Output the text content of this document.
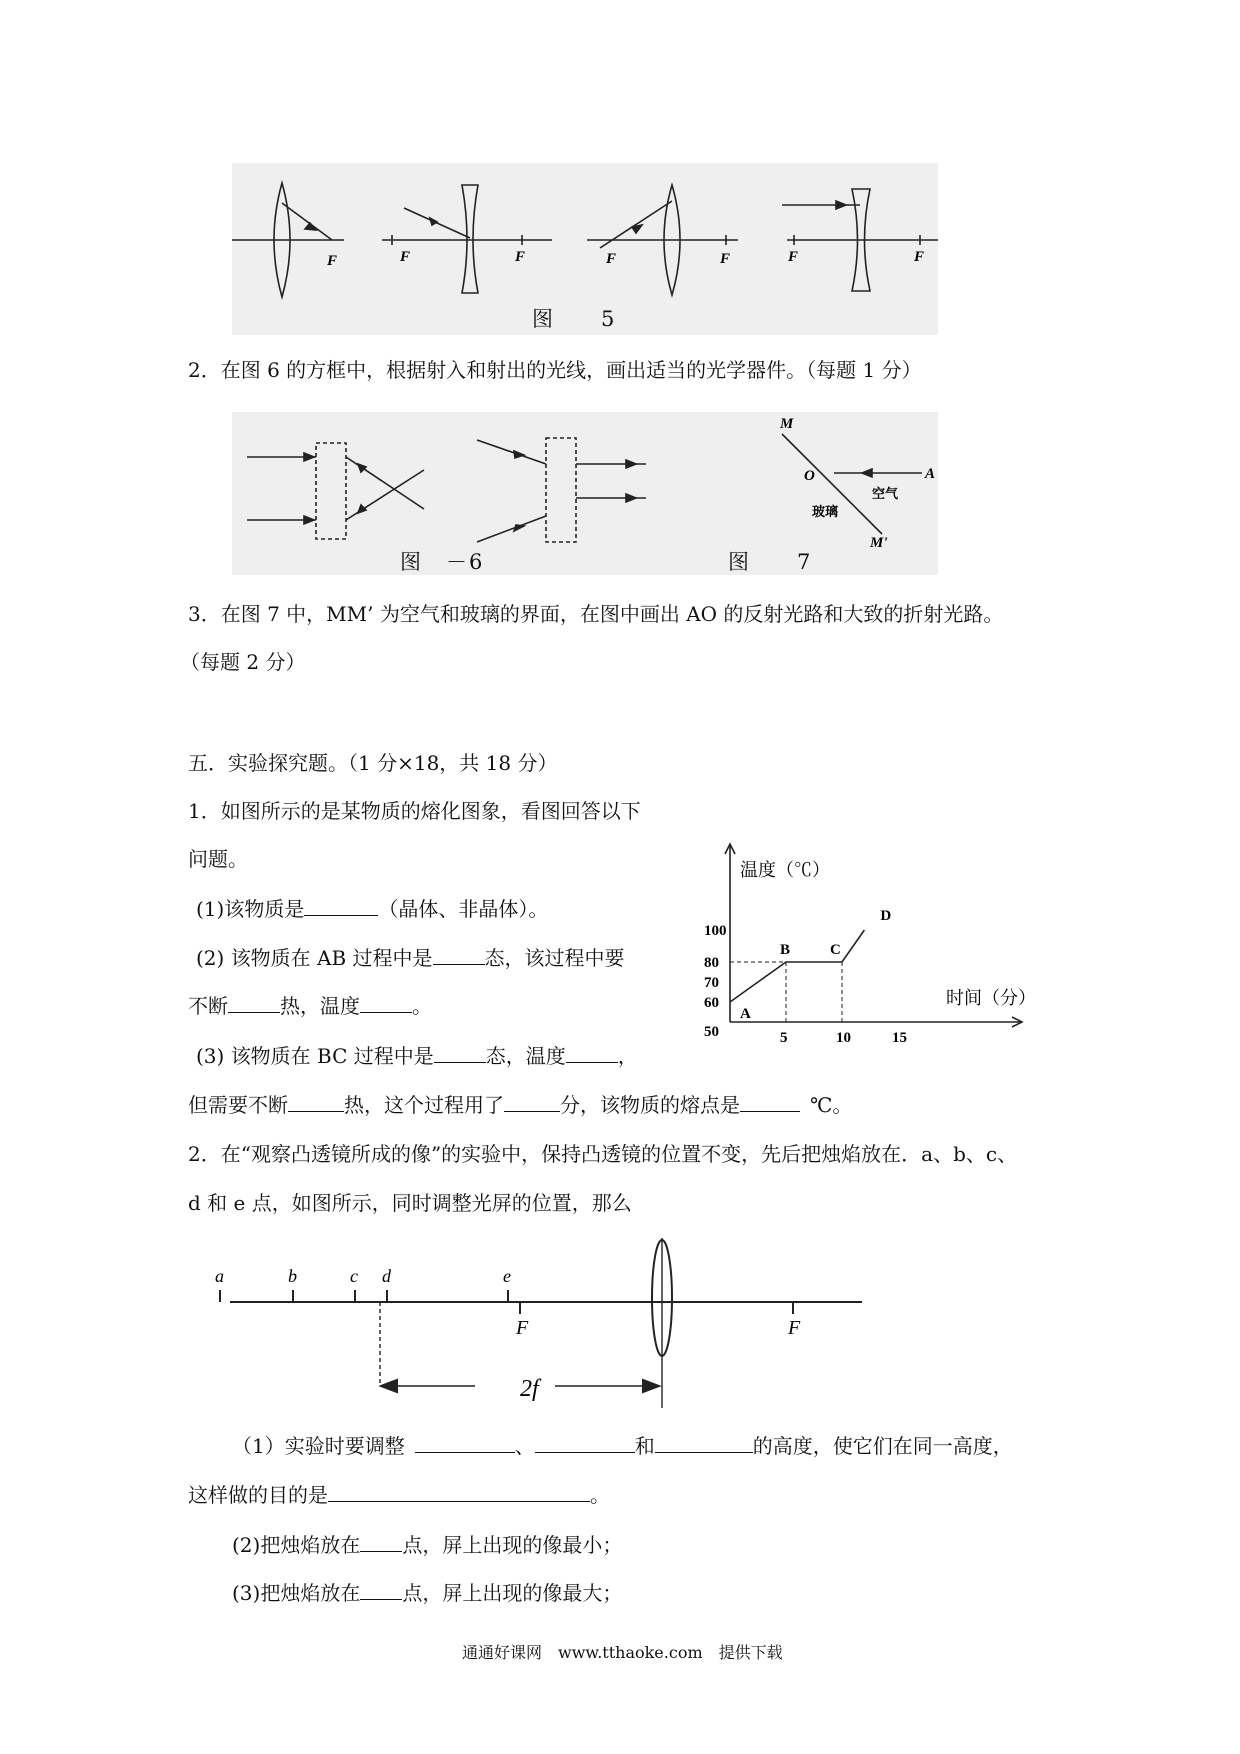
F	F	F	F	F	F	F
图　　5
2．在图 6 的方框中，根据射入和射出的光线，画出适当的光学器件。（每题 1 分）
M
O	A
M'
空气
玻璃
图　－6	图　　7
3．在图 7 中，MM’ 为空气和玻璃的界面，在图中画出 AO 的反射光路和大致的折射光路。
（每题 2 分）
五．实验探究题。（1 分×18，共 18 分）
1．如图所示的是某物质的熔化图象，看图回答以下
问题。
(1)该物质是	（晶体、非晶体）。
(2) 该物质在 AB 过程中是	态，该过程中要
不断	热，温度	。
(3) 该物质在 BC 过程中是	态，温度	，
但需要不断	热，这个过程用了	分，该物质的熔点是	℃。
温度（℃）
时间（分）
50
60
70
80
100
5	10	15
A
B	C
D
2．在“观察凸透镜所成的像”的实验中，保持凸透镜的位置不变，先后把烛焰放在．a、b、c、
d 和 e 点，如图所示，同时调整光屏的位置，那么
a	b	c d	e
2f
F	F
（1）实验时要调整	、	和	的高度，使它们在同一高度，
这样做的目的是	。
(2)把烛焰放在 点，屏上出现的像最小；
(3)把烛焰放在 点，屏上出现的像最大；
通通好课网　www.tthaoke.com　提供下载
